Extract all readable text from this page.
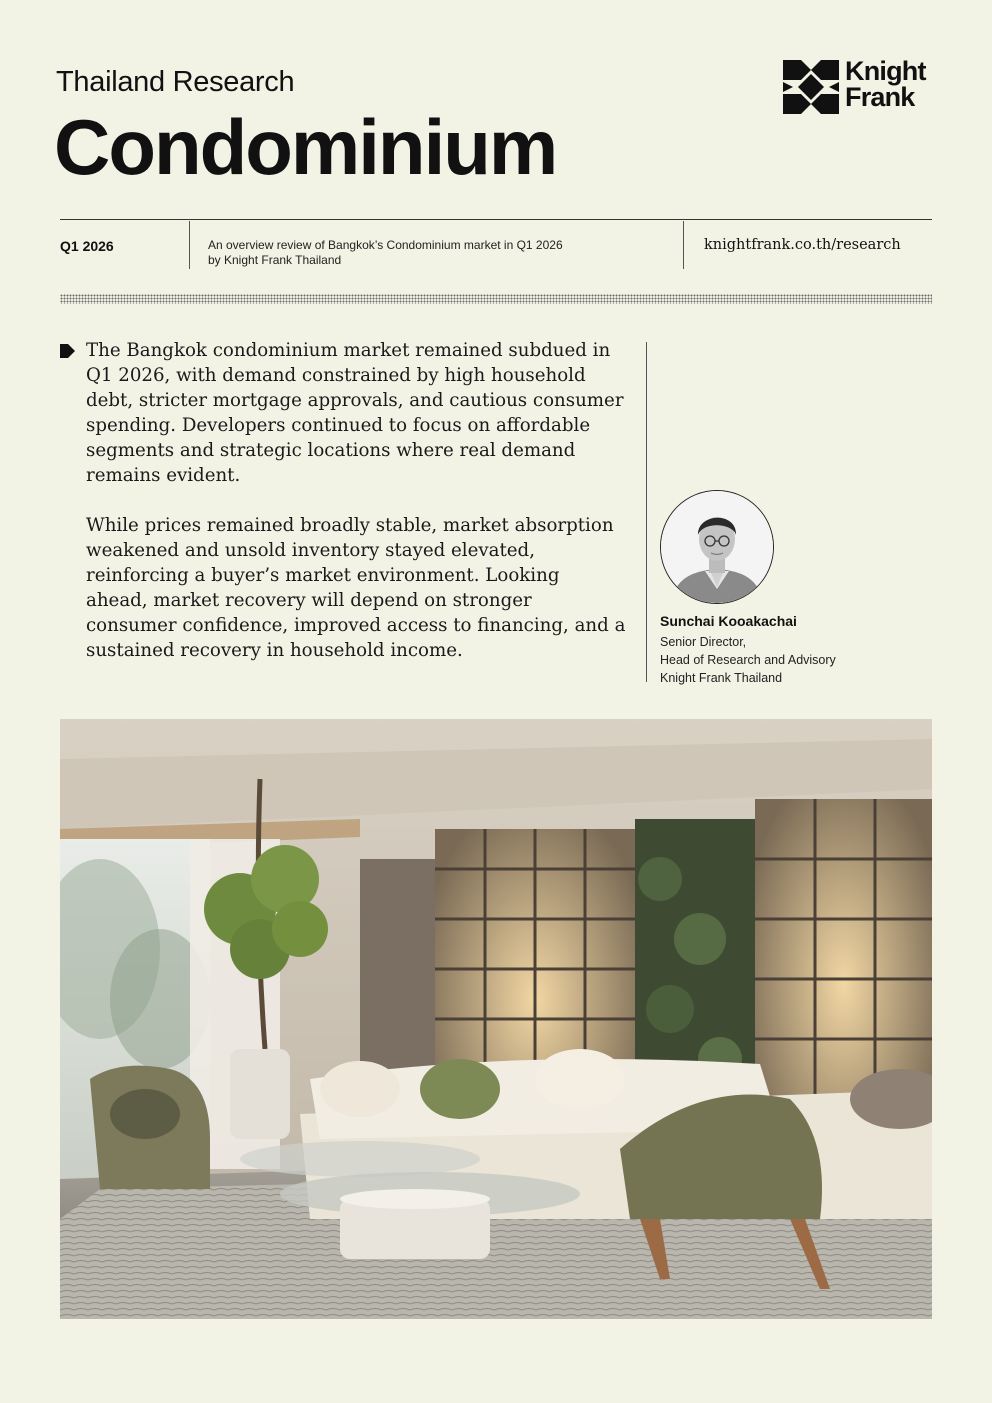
Thailand Research
Condominium
Knight
Frank
Q1 2026	An overview review of Bangkok’s Condominium market in Q1 2026
by Knight Frank Thailand
knightfrank.co.th/research

The Bangkok condominium market remained subdued in Q1 2026, with demand constrained by high household debt, stricter mortgage approvals, and cautious consumer spending. Developers continued to focus on affordable segments and strategic locations where real demand remains evident.

While prices remained broadly stable, market absorption weakened and unsold inventory stayed elevated, reinforcing a buyer’s market environment. Looking ahead, market recovery will depend on stronger consumer confidence, improved access to financing, and a sustained recovery in household income.

Sunchai Kooakachai
Senior Director,
Head of Research and Advisory
Knight Frank Thailand
